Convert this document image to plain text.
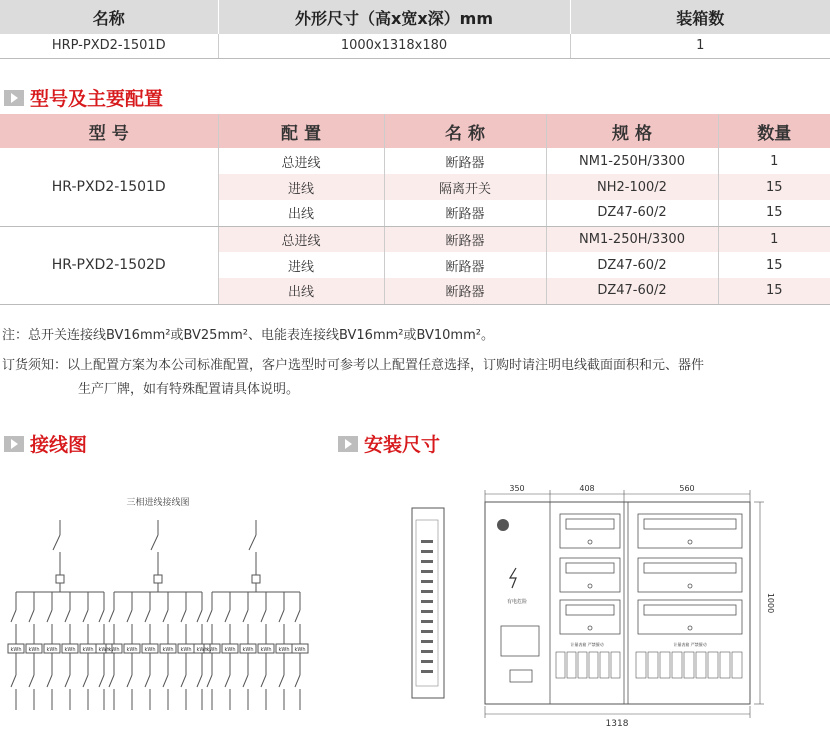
名称	外形尺寸（高x宽x深）mm	装箱数
HRP-PXD2-1501D	1000x1318x180	1
型号及主要配置
型 号	配 置	名 称	规 格	数量
HR-PXD2-1501D	总进线	断路器	NM1-250H/3300	1
	进线	隔离开关	NH2-100/2	15
	出线	断路器	DZ47-60/2	15
HR-PXD2-1502D	总进线	断路器	NM1-250H/3300	1
	进线	断路器	DZ47-60/2	15
	出线	断路器	DZ47-60/2	15
注：总开关连接线BV16mm²或BV25mm²、电能表连接线BV16mm²或BV10mm²。
订货须知：以上配置方案为本公司标准配置，客户选型时可参考以上配置任意选择，订购时请注明电线截面面积和元、器件
生产厂牌，如有特殊配置请具体说明。
接线图	安装尺寸
三相进线接线图
kWh kWh kWh kWh kWh kWh
kWh kWh kWh kWh kWh kWh
kWh kWh kWh kWh kWh kWh
有电危险
计量表箱 严禁擅动	计量表箱 严禁擅动
350	408	560
1318
1000
